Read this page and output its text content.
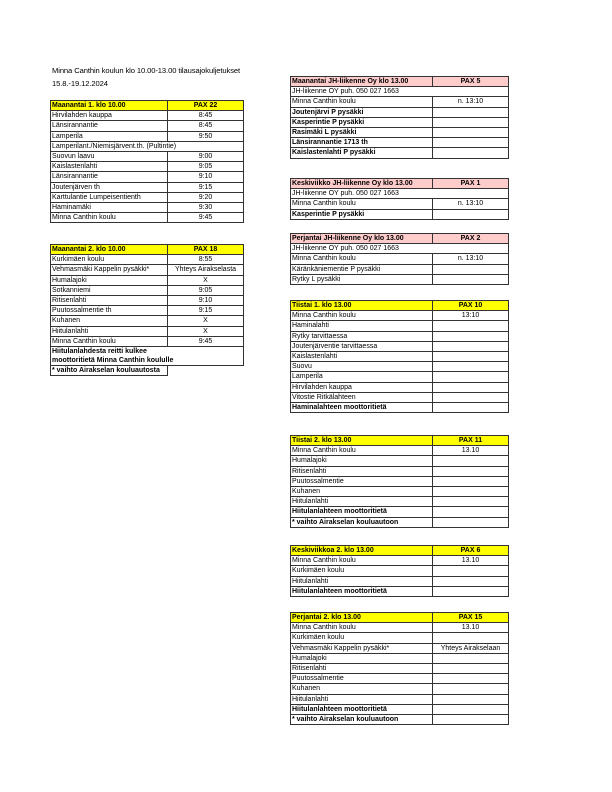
Minna Canthin koulun klo 10.00-13.00 tilausajokuljetukset
15.8.-19.12.2024
Maanantai 1. klo 10.00	PAX 22
Hirvilahden kauppa	8:45
Länsirannantie	8:45
Lamperila	9:50
Lamperilant./Niemisjärvent.th. (Pultintie)	
Suovun laavu	9:00
Kaislastenlahti	9:05
Länsirannantie	9:10
Joutenjärven th	9:15
Karttulantie Lumpeisentienth	9:20
Haminamäki	9:30
Minna Canthin koulu	9:45
Maanantai 2. klo 10.00	PAX 18
Kurkimäen koulu	8:55
Vehmasmäki Kappelin pysäkki*	Yhteys Airakselasta
Humalajoki	X
Sotkanniemi	9:05
Ritisenlahti	9:10
Puutossalmentie th	9:15
Kuhanen	X
Hiitulanlahti	X
Minna Canthin koulu	9:45
Hiitulanlahdesta reitti kulkee	
moottoritietä Minna Canthin koululle	
* vaihto Airakselan kouluautosta	
Maanantai JH-liikenne Oy klo 13.00	PAX 5
JH-liikenne OY puh. 050 027 1663	
Minna Canthin koulu	n. 13:10
Joutenjärvi P pysäkki	
Kasperintie P pysäkki	
Rasimäki L pysäkki	
Länsirannantie 1713 th	
Kaislastenlahti P pysäkki	
Keskiviikko JH-liikenne Oy klo 13.00	PAX 1
JH-liikenne OY puh. 050 027 1663	
Minna Canthin koulu	n. 13:10
Kasperintie P pysäkki	
Perjantai JH-liikenne Oy klo 13.00	PAX 2
JH-liikenne OY puh. 050 027 1663	
Minna Canthin koulu	n. 13:10
Käränkäniementie P pysäkki	
Rytky L pysäkki	
Tiistai 1. klo 13.00	PAX 10
Minna Canthin koulu	13:10
Haminalahti	
Rytky tarvittaessa	
Joutenjärventie tarvittaessa	
Kaislastenlahti	
Suovu	
Lamperila	
Hirvilahden kauppa	
Vitostie Ritkälahteen	
Haminalahteen moottoritietä	
Tiistai 2. klo 13.00	PAX 11
Minna Canthin koulu	13.10
Humalajoki	
Ritisenlahti	
Puutossalmentie	
Kuhanen	
Hiitulanlahti	
Hiitulanlahteen moottoritietä	
* vaihto Airakselan kouluautoon	
Keskiviikkoa 2. klo 13.00	PAX 6
Minna Canthin koulu	13.10
Kurkimäen koulu	
Hiitulanlahti	
Hiitulanlahteen moottoritietä	
Perjantai 2. klo 13.00	PAX 15
Minna Canthin koulu	13.10
Kurkimäen koulu	
Vehmasmäki Kappelin pysäkki*	Yhteys Airakselaan
Humalajoki	
Ritisenlahti	
Puutossalmentie	
Kuhanen	
Hiitulanlahti	
Hiitulanlahteen moottoritietä	
* vaihto Airakselan kouluautoon	
